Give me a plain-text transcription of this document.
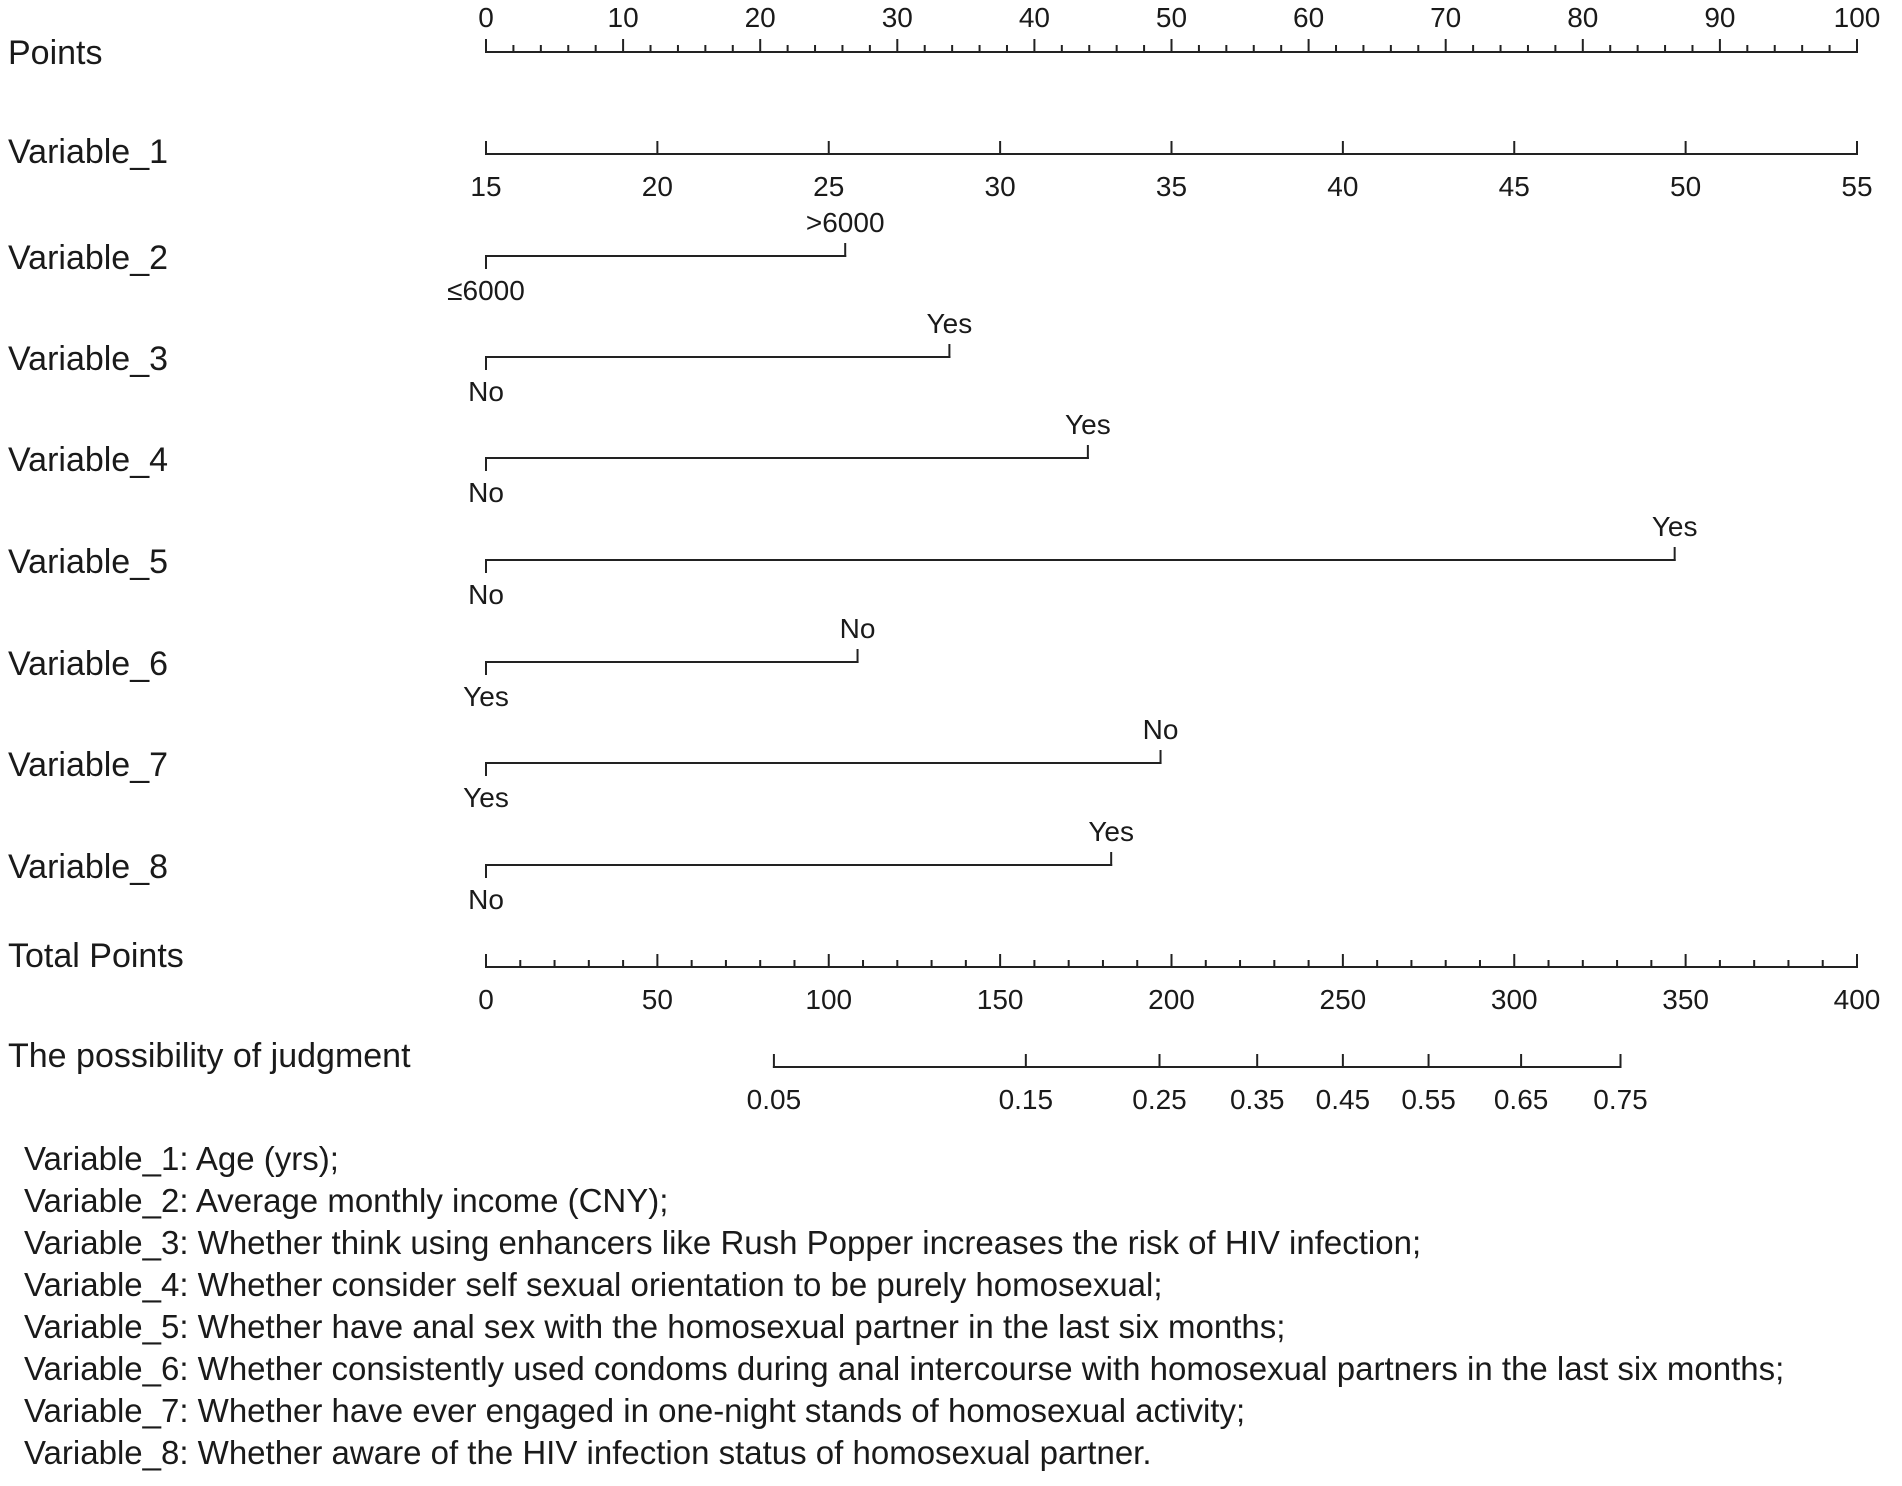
Points
0	10	20	30	40	50	60	70	80	90	100
Variable_1
15	20	25	30	35	40	45	50	55
Variable_2
≤6000
>6000
Variable_3
No
Yes
Variable_4
No
Yes
Variable_5
No
Yes
Variable_6
Yes
No
Variable_7
Yes
No
Variable_8
No
Yes
Total Points
0	50	100	150	200	250	300	350	400
The possibility of judgment
0.05	0.15	0.25 0.35 0.45 0.55 0.65 0.75
Variable_1: Age (yrs);
Variable_2: Average monthly income (CNY);
Variable_3: Whether think using enhancers like Rush Popper increases the risk of HIV infection;
Variable_4: Whether consider self sexual orientation to be purely homosexual;
Variable_5: Whether have anal sex with the homosexual partner in the last six months;
Variable_6: Whether consistently used condoms during anal intercourse with homosexual partners in the last six months;
Variable_7: Whether have ever engaged in one-night stands of homosexual activity;
Variable_8: Whether aware of the HIV infection status of homosexual partner.
